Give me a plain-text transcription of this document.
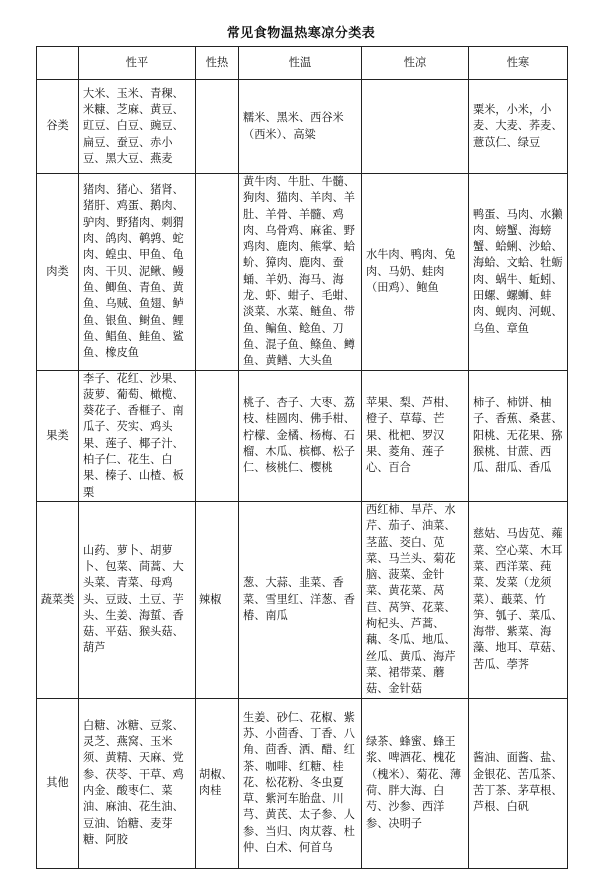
常见食物温热寒凉分类表
	性平	性热	性温	性凉	性寒
谷类	大米、玉米、青稞、米糠、芝麻、黄豆、豇豆、白豆、豌豆、扁豆、蚕豆、赤小豆、黑大豆、燕麦		糯米、黑米、西谷米（西米）、高粱		粟米，小米，小麦、大麦、荞麦、薏苡仁、绿豆
肉类	猪肉、猪心、猪肾、猪肝、鸡蛋、鹅肉、驴肉、野猪肉、刺猬肉、鸽肉、鹌鹑、蛇肉、蝗虫、甲鱼、龟肉、干贝、泥鳅、鳗鱼、鲫鱼、青鱼、黄鱼、乌贼、鱼翅、鲈鱼、银鱼、鲥鱼、鲤鱼、鲳鱼、鲑鱼、鲨鱼、橡皮鱼		黄牛肉、牛肚、牛髓、狗肉、猫肉、羊肉、羊肚、羊骨、羊髓、鸡肉、乌骨鸡、麻雀、野鸡肉、鹿肉、熊掌、蛤蚧、獐肉、鹿肉、蚕蛹、羊奶、海马、海龙、虾、蚶子、毛蚶、淡菜、水菜、鲢鱼、带鱼、鳊鱼、鲶鱼、刀鱼、混子鱼、鲦鱼、鳟鱼、黄鳝、大头鱼	水牛肉、鸭肉、兔肉、马奶、蛙肉（田鸡）、鲍鱼	鸭蛋、马肉、水獭肉、螃蟹、海螃蟹、蛤蜊、沙蛤、海蛤、文蛤、牡蛎肉、蜗牛、蚯蚓、田螺、螺蛳、蚌肉、蚬肉、河蚬、乌鱼、章鱼
果类	李子、花红、沙果、菠萝、葡萄、橄榄、葵花子、香榧子、南瓜子、芡实、鸡头果、莲子、椰子汁、柏子仁、花生、白果、榛子、山楂、板栗		桃子、杏子、大枣、荔枝、桂圆肉、佛手柑、柠檬、金橘、杨梅、石榴、木瓜、槟榔、松子仁、核桃仁、樱桃	苹果、梨、芦柑、橙子、草莓、芒果、枇杷、罗汉果、菱角、莲子心、百合	柿子、柿饼、柚子、香蕉、桑葚、阳桃、无花果、猕猴桃、甘蔗、西瓜、甜瓜、香瓜
蔬菜类	山药、萝卜、胡萝卜、包菜、茼蒿、大头菜、青菜、母鸡头、豆豉、土豆、芋头、生姜、海蜇、香菇、平菇、猴头菇、葫芦	辣椒	葱、大蒜、韭菜、香菜、雪里红、洋葱、香椿、南瓜	西红柿、旱芹、水芹、茄子、油菜、茎蓝、茭白、苋菜、马兰头、菊花脑、菠菜、金针菜、黄花菜、莴苣、莴笋、花菜、枸杞头、芦蒿、藕、冬瓜、地瓜、丝瓜、黄瓜、海芹菜、裙带菜、蘑菇、金针菇	慈姑、马齿苋、蕹菜、空心菜、木耳菜、西洋菜、莼菜、发菜（龙须菜）、蕺菜、竹笋、瓠子、菜瓜、海带、紫菜、海藻、地耳、草菇、苦瓜、荸荠
其他	白糖、冰糖、豆浆、灵芝、燕窝、玉米须、黄精、天麻、党参、茯苓、干草、鸡内金、酸枣仁、菜油、麻油、花生油、豆油、饴糖、麦芽糖、阿胶	胡椒、肉桂	生姜、砂仁、花椒、紫苏、小茴香、丁香、八角、茴香、洒、醋、红茶、咖啡、红糖、桂花、松花粉、冬虫夏草、紫河车胎盘、川芎、黄芪、太子参、人参、当归、肉苁蓉、杜仲、白术、何首乌	绿茶、蜂蜜、蜂王浆、啤酒花、槐花（槐米）、菊花、薄荷、胖大海、白芍、沙参、西洋参、决明子	酱油、面酱、盐、金银花、苦瓜茶、苦丁茶、茅草根、芦根、白矾
